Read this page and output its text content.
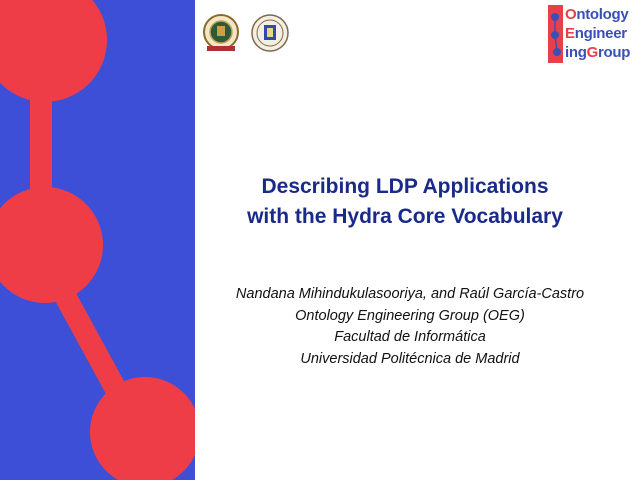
Ontology
Engineer
ingGroup
Describing LDP Applications
with the Hydra Core Vocabulary
Nandana Mihindukulasooriya, and Raúl García-Castro
Ontology Engineering Group (OEG)
Facultad de Informática
Universidad Politécnica de Madrid
